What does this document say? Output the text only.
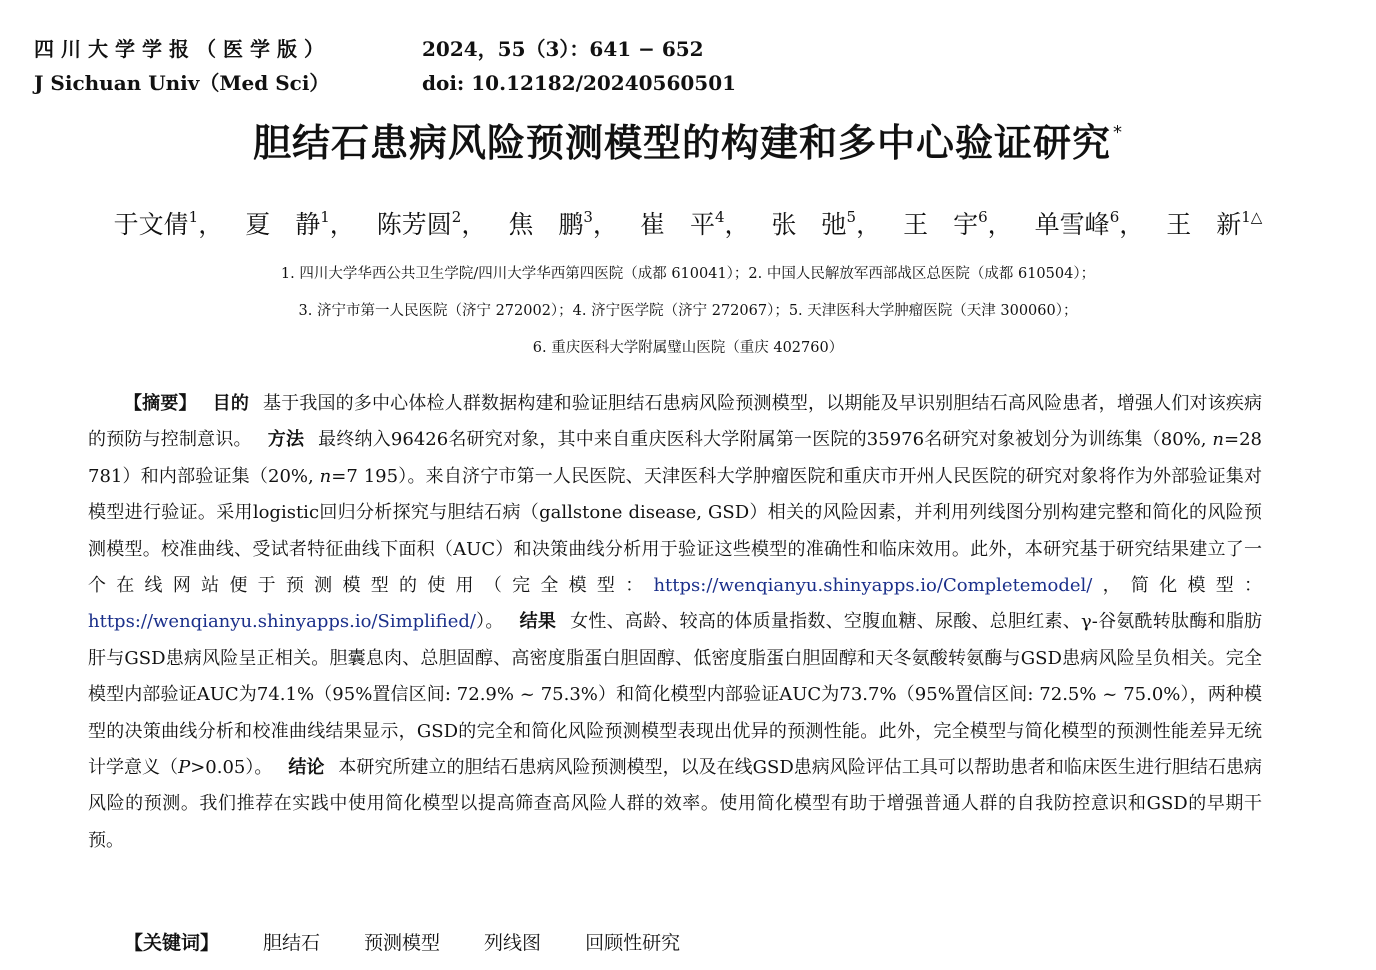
四川大学学报（医学版）	2024，55（3）：641 − 652
J Sichuan Univ（Med Sci）	doi: 10.12182/20240560501
胆结石患病风险预测模型的构建和多中心验证研究 *
于文倩$^1$， 夏　静$^1$， 陈芳圆$^2$， 焦　鹏$^3$， 崔　平$^4$， 张　弛$^5$， 王　宇$^6$， 单雪峰$^6$， 王　新$^{1\triangle}$
1. 四川大学华西公共卫生学院/四川大学华西第四医院（成都 610041）；2. 中国人民解放军西部战区总医院（成都 610504）；
3. 济宁市第一人民医院（济宁 272002）；4. 济宁医学院（济宁 272067）；5. 天津医科大学肿瘤医院（天津 300060）；
6. 重庆医科大学附属璧山医院（重庆 402760）

【摘要】 目的 基于我国的多中心体检人群数据构建和验证胆结石患病风险预测模型，以期能及早识别胆结石高风险患者，增强人们对该疾病的预防与控制意识。 方法 最终纳入96426名研究对象，其中来自重庆医科大学附属第一医院的35976名研究对象被划分为训练集（80%, n=28 781）和内部验证集（20%, n=7 195）。来自济宁市第一人民医院、天津医科大学肿瘤医院和重庆市开州人民医院的研究对象将作为外部验证集对模型进行验证。采用logistic回归分析探究与胆结石病（gallstone disease, GSD）相关的风险因素，并利用列线图分别构建完整和简化的风险预测模型。校准曲线、受试者特征曲线下面积（AUC）和决策曲线分析用于验证这些模型的准确性和临床效用。此外，本研究基于研究结果建立了一个在线网站便于预测模型的使用（完全模型：https://wenqianyu.shinyapps.io/Completemodel/，简化模型：https://wenqianyu.shinyapps.io/Simplified/）。 结果 女性、高龄、较高的体质量指数、空腹血糖、尿酸、总胆红素、γ-谷氨酰转肽酶和脂肪肝与GSD患病风险呈正相关。胆囊息肉、总胆固醇、高密度脂蛋白胆固醇、低密度脂蛋白胆固醇和天冬氨酸转氨酶与GSD患病风险呈负相关。完全模型内部验证AUC为74.1%（95%置信区间: 72.9% ~ 75.3%）和简化模型内部验证AUC为73.7%（95%置信区间: 72.5% ~ 75.0%），两种模型的决策曲线分析和校准曲线结果显示，GSD的完全和简化风险预测模型表现出优异的预测性能。此外，完全模型与简化模型的预测性能差异无统计学意义（P>0.05）。 结论 本研究所建立的胆结石患病风险预测模型，以及在线GSD患病风险评估工具可以帮助患者和临床医生进行胆结石患病风险的预测。我们推荐在实践中使用简化模型以提高筛查高风险人群的效率。使用简化模型有助于增强普通人群的自我防控意识和GSD的早期干预。

【关键词】 胆结石 预测模型 列线图 回顾性研究
